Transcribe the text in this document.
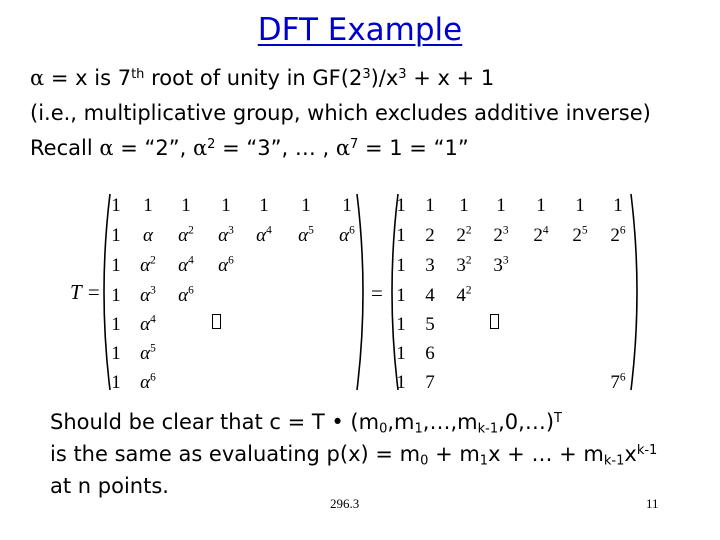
DFT Example
α = x is 7th root of unity in $GF(2^3)/x^3 + x + 1$
(i.e., multiplicative group, which excludes additive inverse)
Recall α = “2”, $\alpha^2$ = “3”, … , $\alpha^7 = 1$ = “1”
T =	=
1 1 1 1 1 1 1
1 α $\alpha^2$ $\alpha^3$ $\alpha^4$ $\alpha^5$ $\alpha^6$
1 $\alpha^2$ $\alpha^4$ $\alpha^6$
1 $\alpha^3$ $\alpha^6$
1 $\alpha^4$
1 $\alpha^5$
1 $\alpha^6$
1 1 1 1 1 1 1
1 2 $2^2$ $2^3$ $2^4$ $2^5$ $2^6$
1 3 $3^2$ $3^3$
1 4 $4^2$
1 5
1 6
1 7	$7^6$
Should be clear that c = T • $(m_0,m_1,\dots,m_{k-1},0,\dots)^T$
is the same as evaluating $p(x) = m_0 + m_1x$ + … + $m_{k-1}x^{k-1}$
at n points.
296.3	11
